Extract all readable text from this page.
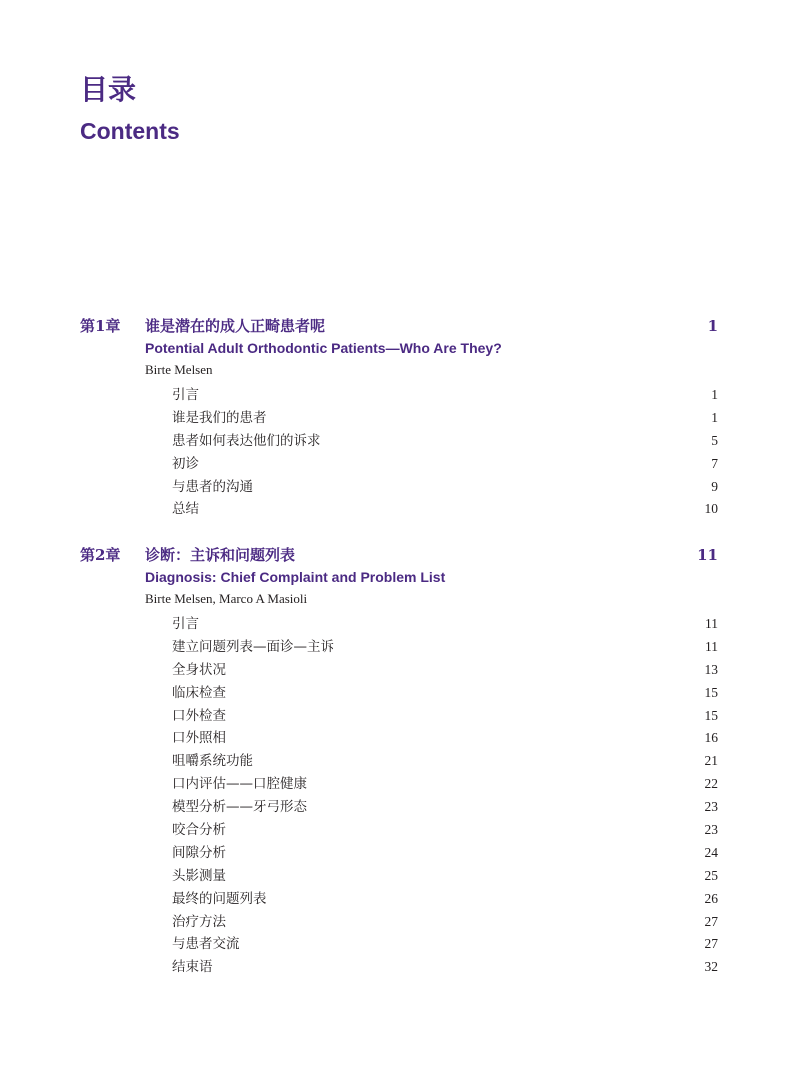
目录
Contents
第1章 谁是潜在的成人正畸患者呢	1
Potential Adult Orthodontic Patients—Who Are They?
Birte Melsen
引言	1
谁是我们的患者	1
患者如何表达他们的诉求	5
初诊	7
与患者的沟通	9
总结	10
第2章 诊断：主诉和问题列表	11
Diagnosis: Chief Complaint and Problem List
Birte Melsen, Marco A Masioli
引言	11
建立问题列表—面诊—主诉	11
全身状况	13
临床检查	15
口外检查	15
口外照相	16
咀嚼系统功能	21
口内评估——口腔健康	22
模型分析——牙弓形态	23
咬合分析	23
间隙分析	24
头影测量	25
最终的问题列表	26
治疗方法	27
与患者交流	27
结束语	32
